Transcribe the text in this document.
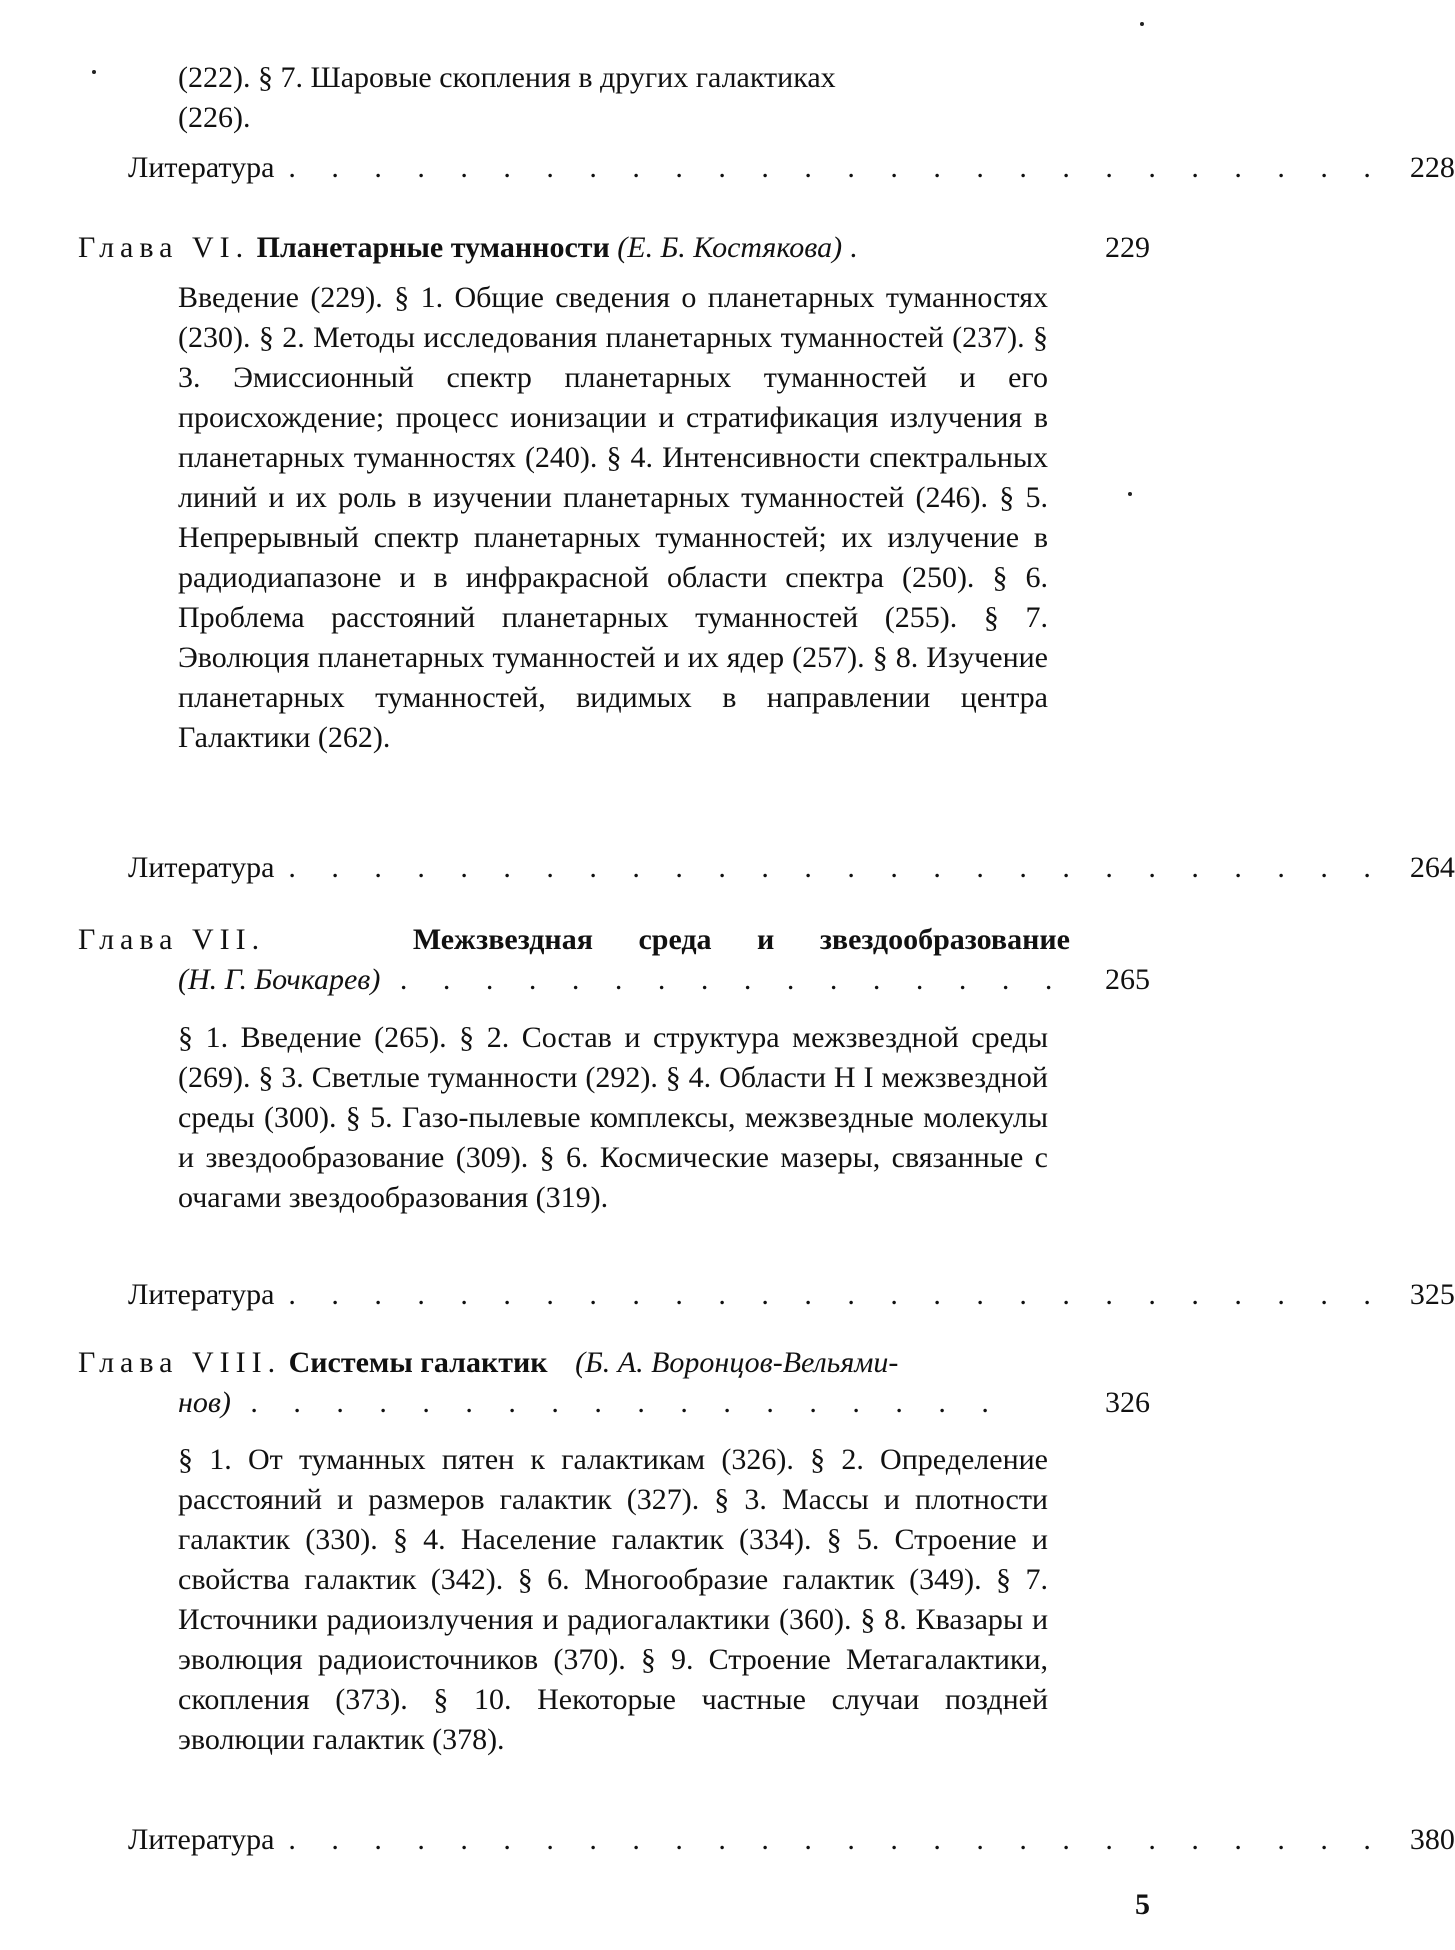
(222). § 7. Шаровые скопления в других галактиках
(226).

Литература . . . . . . . . . . . . . . . . . . . . . . . . . . 228
Глава VI. Планетарные туманности (Е. Б. Костякова) .	229

Введение (229). § 1. Общие сведения о планетарных туманностях (230). § 2. Методы исследования планетарных туманностей (237). § 3. Эмиссионный спектр планетарных туманностей и его происхождение; процесс ионизации и стратификация излучения в планетарных туманностях (240). § 4. Интенсивности спектральных линий и их роль в изучении планетарных туманностей (246). § 5. Непрерывный спектр планетарных туманностей; их излучение в радиодиапазоне и в инфракрасной области спектра (250). § 6. Проблема расстояний планетарных туманностей (255). § 7. Эволюция планетарных туманностей и их ядер (257). § 8. Изучение планетарных туманностей, видимых в направлении центра Галактики (262).

Литература . . . . . . . . . . . . . . . . . . . . . . . . . . 264
Глава VII.	Межзвездная среда и звездообразование
(Н. Г. Бочкарев) . . . . . . . . . . . . . . . .	265

§ 1. Введение (265). § 2. Состав и структура межзвездной среды (269). § 3. Светлые туманности (292). § 4. Области Н I межзвездной среды (300). § 5. Газо-пылевые комплексы, межзвездные молекулы и звездообразование (309). § 6. Космические мазеры, связанные с очагами звездообразования (319).

Литература . . . . . . . . . . . . . . . . . . . . . . . . . . 325
Глава VIII. Системы галактик (Б. А. Воронцов-Вельями-
нов) . . . . . . . . . . . . . . . . . .	326

§ 1. От туманных пятен к галактикам (326). § 2. Определение расстояний и размеров галактик (327). § 3. Массы и плотности галактик (330). § 4. Население галактик (334). § 5. Строение и свойства галактик (342). § 6. Многообразие галактик (349). § 7. Источники радиоизлучения и радиогалактики (360). § 8. Квазары и эволюция радиоисточников (370). § 9. Строение Метагалактики, скопления (373). § 10. Некоторые частные случаи поздней эволюции галактик (378).

Литература . . . . . . . . . . . . . . . . . . . . . . . . . . 380
5
